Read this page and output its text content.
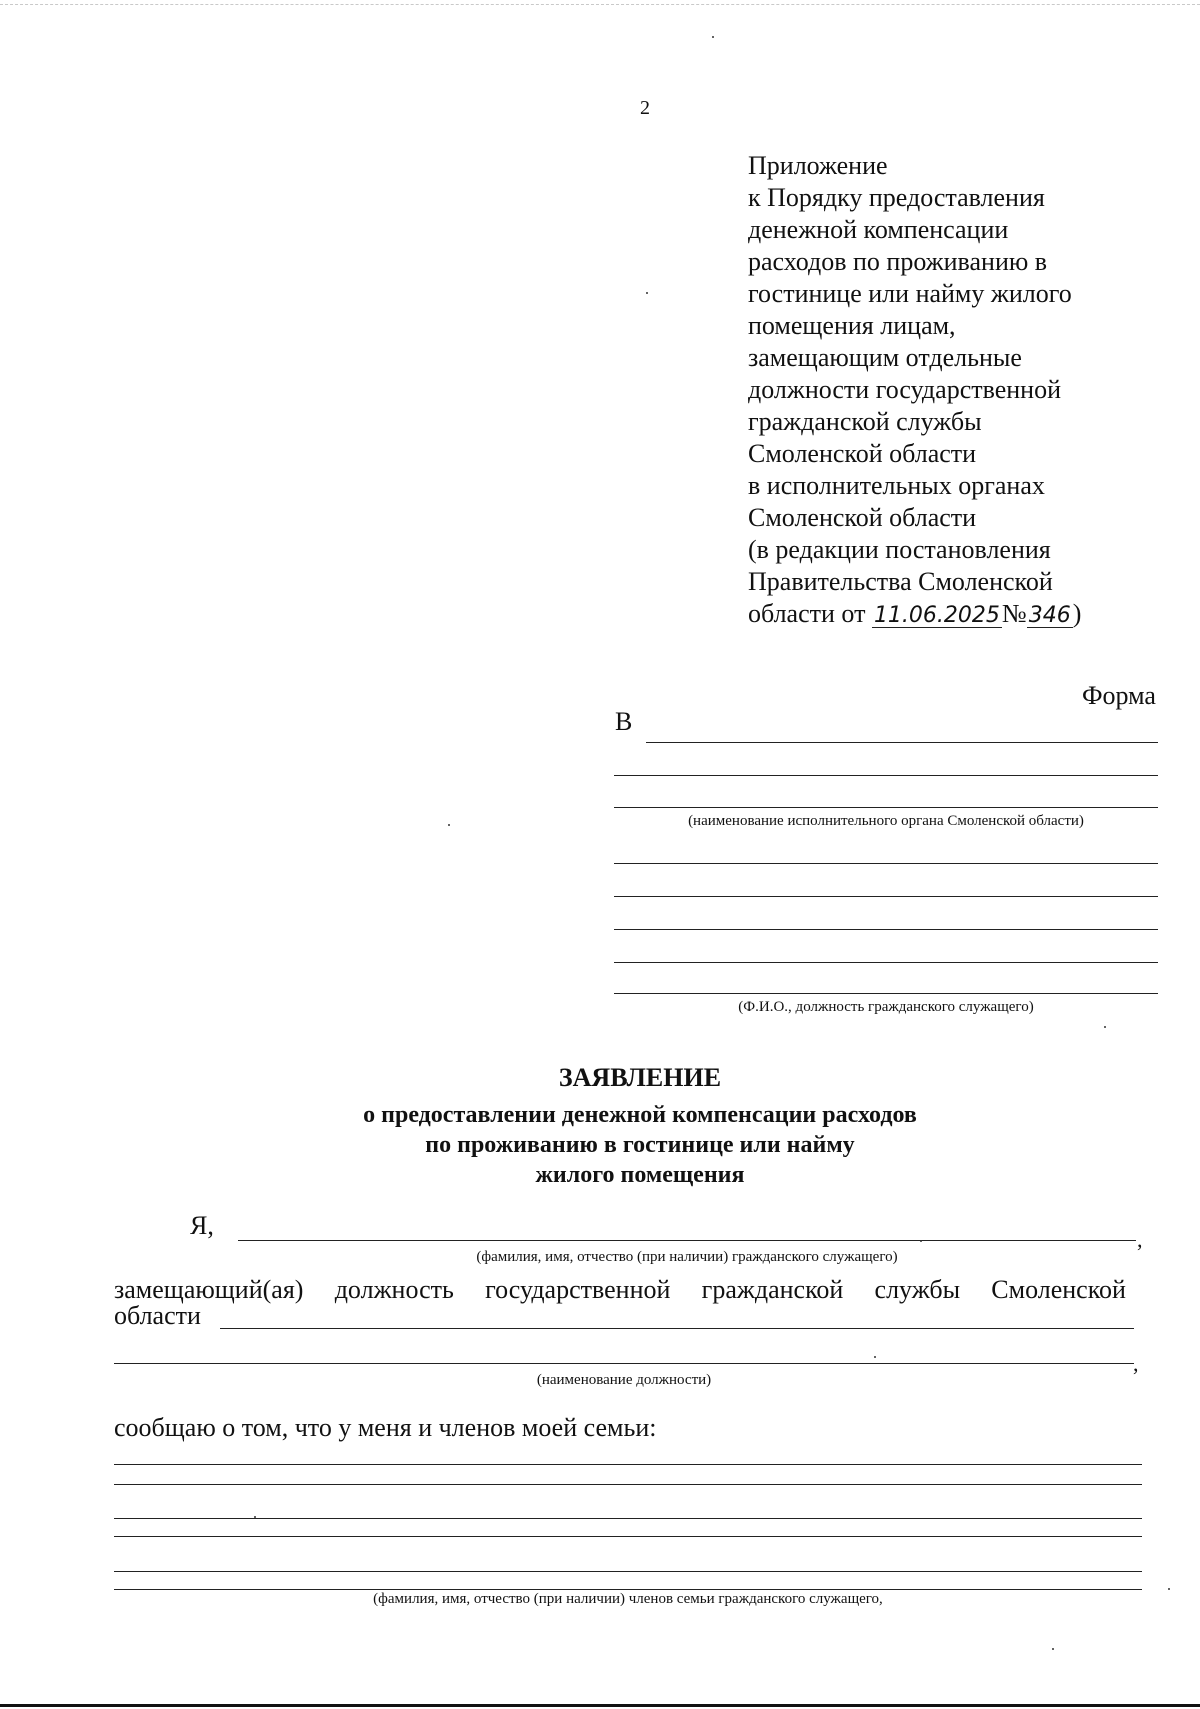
2
Приложение
к Порядку предоставления
денежной компенсации
расходов по проживанию в
гостинице или найму жилого
помещения лицам,
замещающим отдельные
должности государственной
гражданской службы
Смоленской области
в исполнительных органах
Смоленской области
(в редакции постановления
Правительства Смоленской
области от 11.06.2025№346)
Форма
В
(наименование исполнительного органа Смоленской области)
(Ф.И.О., должность гражданского служащего)
ЗАЯВЛЕНИЕ
о предоставлении денежной компенсации расходов
по проживанию в гостинице или найму
жилого помещения
Я,	,
(фамилия, имя, отчество (при наличии) гражданского служащего)
замещающий(ая) должность государственной гражданской службы Смоленской
области
,
(наименование должности)
сообщаю о том, что у меня и членов моей семьи:
(фамилия, имя, отчество (при наличии) членов семьи гражданского служащего,
